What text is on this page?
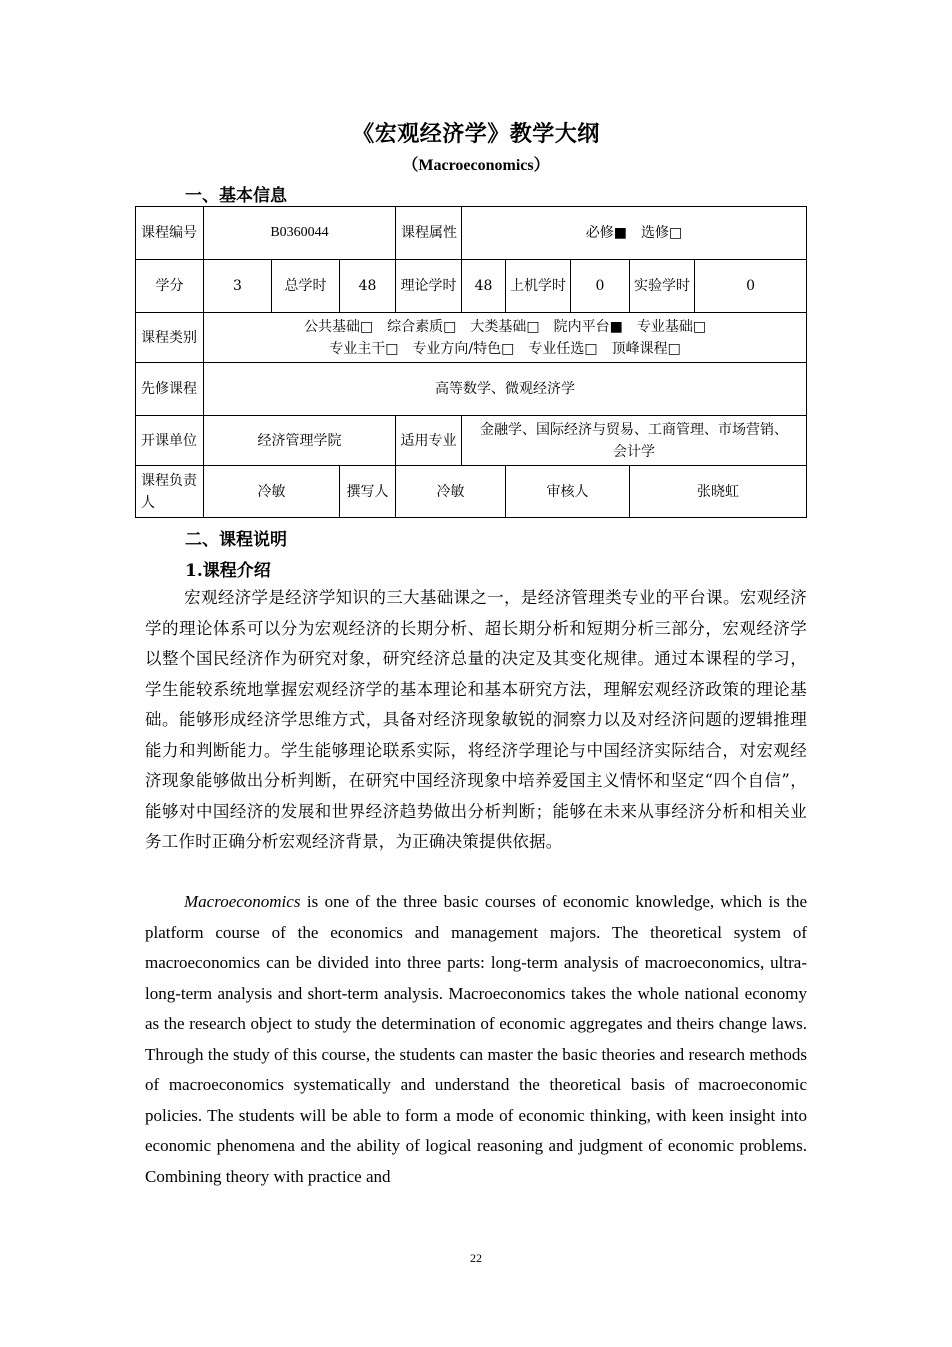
《宏观经济学》教学大纲
（Macroeconomics）
一、基本信息
课程编号	B0360044			课程属性	必修■　选修□				
学分	3	总学时	48	理论学时	48	上机学时	0	实验学时	0
课程类别	公共基础□　综合素质□　大类基础□　院内平台■　专业基础□
专业主干□　专业方向/特色□　专业任选□　顶峰课程□								

先修课程	高等数学、微观经济学								
开课单位	经济管理学院			适用专业	金融学、国际经济与贸易、工商管理、市场营销、会计学				
课程负责人	冷敏		撰写人	冷敏		审核人		张晓虹	
二、课程说明
1.课程介绍
宏观经济学是经济学知识的三大基础课之一，是经济管理类专业的平台课。宏观经济学的理论体系可以分为宏观经济的长期分析、超长期分析和短期分析三部分，宏观经济学以整个国民经济作为研究对象，研究经济总量的决定及其变化规律。通过本课程的学习，学生能较系统地掌握宏观经济学的基本理论和基本研究方法，理解宏观经济政策的理论基础。能够形成经济学思维方式，具备对经济现象敏锐的洞察力以及对经济问题的逻辑推理能力和判断能力。学生能够理论联系实际，将经济学理论与中国经济实际结合，对宏观经济现象能够做出分析判断，在研究中国经济现象中培养爱国主义情怀和坚定“四个自信”，能够对中国经济的发展和世界经济趋势做出分析判断；能够在未来从事经济分析和相关业务工作时正确分析宏观经济背景，为正确决策提供依据。
Macroeconomics is one of the three basic courses of economic knowledge, which is the platform course of the economics and management majors. The theoretical system of macroeconomics can be divided into three parts: long-term analysis of macroeconomics, ultra-long-term analysis and short-term analysis. Macroeconomics takes the whole national economy as the research object to study the determination of economic aggregates and theirs change laws. Through the study of this course, the students can master the basic theories and research methods of macroeconomics systematically and understand the theoretical basis of macroeconomic policies. The students will be able to form a mode of economic thinking, with keen insight into economic phenomena and the ability of logical reasoning and judgment of economic problems. Combining theory with practice and
22
